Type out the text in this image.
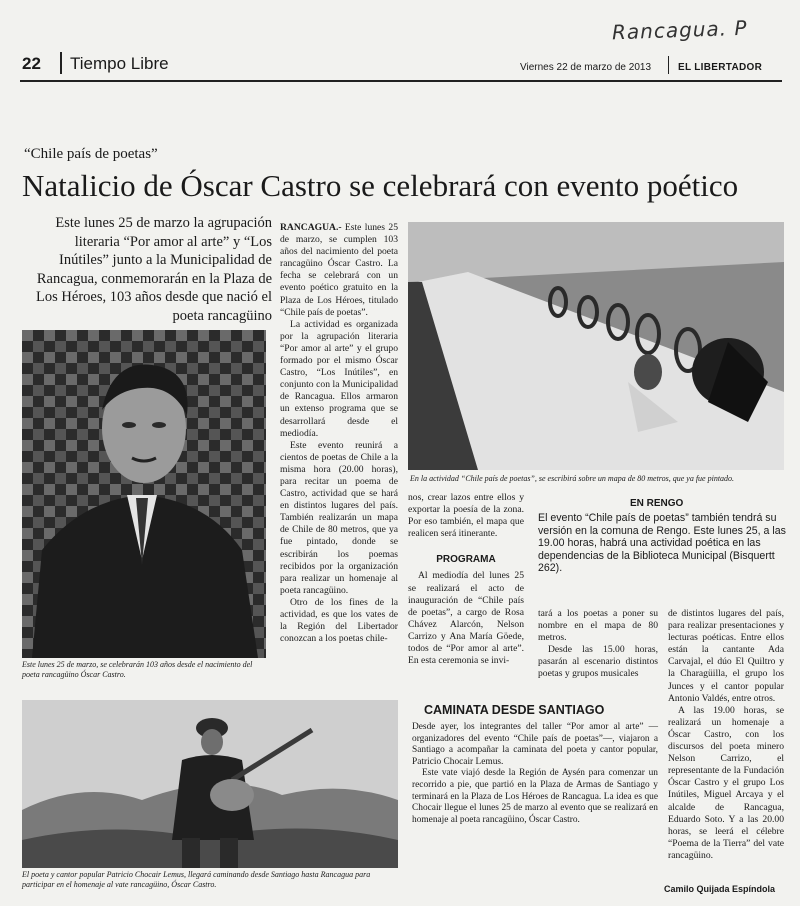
Rancagua. P
22 Tiempo Libre	Viernes 22 de marzo de 2013	EL LIBERTADOR
“Chile país de poetas”
Natalicio de Óscar Castro se celebrará con evento poético
Este lunes 25 de marzo la agrupación literaria “Por amor al arte” y “Los Inútiles” junto a la Municipalidad de Rancagua, conmemorarán en la Plaza de Los Héroes, 103 años desde que nació el poeta rancagüino
Este lunes 25 de marzo, se celebrarán 103 años desde el nacimiento del poeta rancagüino Óscar Castro.
En la actividad “Chile país de poetas”, se escribirá sobre un mapa de 80 metros, que ya fue pintado.

RANCAGUA.- Este lunes 25 de marzo, se cumplen 103 años del nacimiento del poeta rancagüino Óscar Castro. La fecha se celebrará con un evento poético gratuito en la Plaza de Los Héroes, titulado “Chile país de poetas”.

La actividad es organizada por la agrupación literaria “Por amor al arte” y el grupo formado por el mismo Óscar Castro, “Los Inútiles”, en conjunto con la Municipalidad de Rancagua. Ellos armaron un extenso programa que se desarrollará desde el mediodía.

Este evento reunirá a cientos de poetas de Chile a la misma hora (20.00 horas), para recitar un poema de Castro, actividad que se hará en distintos lugares del país. También realizarán un mapa de Chile de 80 metros, que ya fue pintado, donde se escribirán los poemas recibidos por la organización para realizar un homenaje al poeta rancagüino.

Otro de los fines de la actividad, es que los vates de la Región del Libertador conozcan a los poetas chile-

nos, crear lazos entre ellos y exportar la poesía de la zona. Por eso también, el mapa que realicen será itinerante.

PROGRAMA

Al mediodía del lunes 25 se realizará el acto de inauguración de “Chile país de poetas”, a cargo de Rosa Chávez Alarcón, Nelson Carrizo y Ana María Göede, todos de “Por amor al arte”. En esta ceremonia se invi-

EN RENGO
El evento “Chile país de poetas” también tendrá su versión en la comuna de Rengo. Este lunes 25, a las 19.00 horas, habrá una actividad poética en las dependencias de la Biblioteca Municipal (Bisquertt 262).

tará a los poetas a poner su nombre en el mapa de 80 metros.

Desde las 15.00 horas, pasarán al escenario distintos poetas y grupos musicales

de distintos lugares del país, para realizar presentaciones y lecturas poéticas. Entre ellos están la cantante Ada Carvajal, el dúo El Quiltro y la Charagüilla, el grupo los Junces y el cantor popular Antonio Valdés, entre otros.

A las 19.00 horas, se realizará un homenaje a Óscar Castro, con los discursos del poeta minero Nelson Carrizo, el representante de la Fundación Óscar Castro y el grupo Los Inútiles, Miguel Arcaya y el alcalde de Rancagua, Eduardo Soto. Y a las 20.00 horas, se leerá el célebre “Poema de la Tierra” del vate rancagüino.

El poeta y cantor popular Patricio Chocair Lemus, llegará caminando desde Santiago hasta Rancagua para participar en el homenaje al vate rancagüino, Óscar Castro.
CAMINATA DESDE SANTIAGO

Desde ayer, los integrantes del taller “Por amor al arte” —organizadores del evento “Chile país de poetas”—, viajaron a Santiago a acompañar la caminata del poeta y cantor popular, Patricio Chocair Lemus.

Este vate viajó desde la Región de Aysén para comenzar un recorrido a pie, que partió en la Plaza de Armas de Santiago y terminará en la Plaza de Los Héroes de Rancagua. La idea es que Chocair llegue el lunes 25 de marzo al evento que se realizará en homenaje al poeta rancagüino, Óscar Castro.

Camilo Quijada Espíndola
